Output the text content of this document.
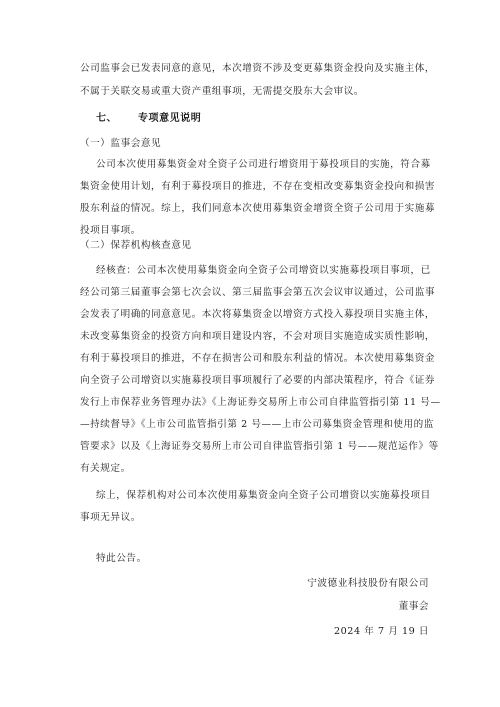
公司监事会已发表同意的意见，本次增资不涉及变更募集资金投向及实施主体，
不属于关联交易或重大资产重组事项，无需提交股东大会审议。
七、 专项意见说明
（一）监事会意见
公司本次使用募集资金对全资子公司进行增资用于募投项目的实施，符合募
集资金使用计划，有利于募投项目的推进，不存在变相改变募集资金投向和损害
股东利益的情况。综上，我们同意本次使用募集资金增资全资子公司用于实施募
投项目事项。
（二）保荐机构核查意见
经核查：公司本次使用募集资金向全资子公司增资以实施募投项目事项，已
经公司第三届董事会第七次会议、第三届监事会第五次会议审议通过，公司监事
会发表了明确的同意意见。本次将募集资金以增资方式投入募投项目实施主体，
未改变募集资金的投资方向和项目建设内容，不会对项目实施造成实质性影响，
有利于募投项目的推进，不存在损害公司和股东利益的情况。本次使用募集资金
向全资子公司增资以实施募投项目事项履行了必要的内部决策程序，符合《证券
发行上市保荐业务管理办法》《上海证券交易所上市公司自律监管指引第 11 号—
—持续督导》《上市公司监管指引第 2 号——上市公司募集资金管理和使用的监
管要求》以及《上海证券交易所上市公司自律监管指引第 1 号——规范运作》等
有关规定。
综上，保荐机构对公司本次使用募集资金向全资子公司增资以实施募投项目
事项无异议。
特此公告。
宁波德业科技股份有限公司
董事会
2024 年 7 月 19 日
